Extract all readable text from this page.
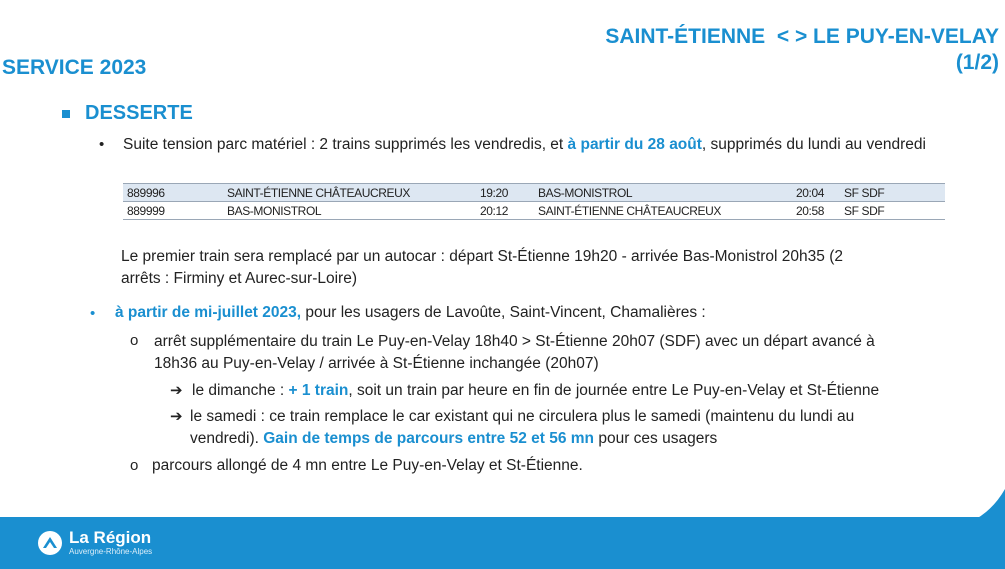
SAINT-ÉTIENNE  < > LE PUY-EN-VELAY
(1/2)
SERVICE 2023
DESSERTE
• Suite tension parc matériel : 2 trains supprimés les vendredis, et à partir du 28 août, supprimés du lundi au vendredi
889996	SAINT-ÉTIENNE CHÂTEAUCREUX	19:20	BAS-MONISTROL	20:04	SF SDF
889999	BAS-MONISTROL	20:12	SAINT-ÉTIENNE CHÂTEAUCREUX	20:58	SF SDF
Le premier train sera remplacé par un autocar : départ St-Étienne 19h20 - arrivée Bas-Monistrol 20h35 (2
arrêts : Firminy et Aurec-sur-Loire)
• à partir de mi-juillet 2023, pour les usagers de Lavoûte, Saint-Vincent, Chamalières :
o arrêt supplémentaire du train Le Puy-en-Velay 18h40 > St-Étienne 20h07 (SDF) avec un départ avancé à
18h36 au Puy-en-Velay / arrivée à St-Étienne inchangée (20h07)
➔ le dimanche : + 1 train, soit un train par heure en fin de journée entre Le Puy-en-Velay et St-Étienne
➔ le samedi : ce train remplace le car existant qui ne circulera plus le samedi (maintenu du lundi au
vendredi). Gain de temps de parcours entre 52 et 56 mn pour ces usagers
o parcours allongé de 4 mn entre Le Puy-en-Velay et St-Étienne.
La Région
Auvergne-Rhône-Alpes
